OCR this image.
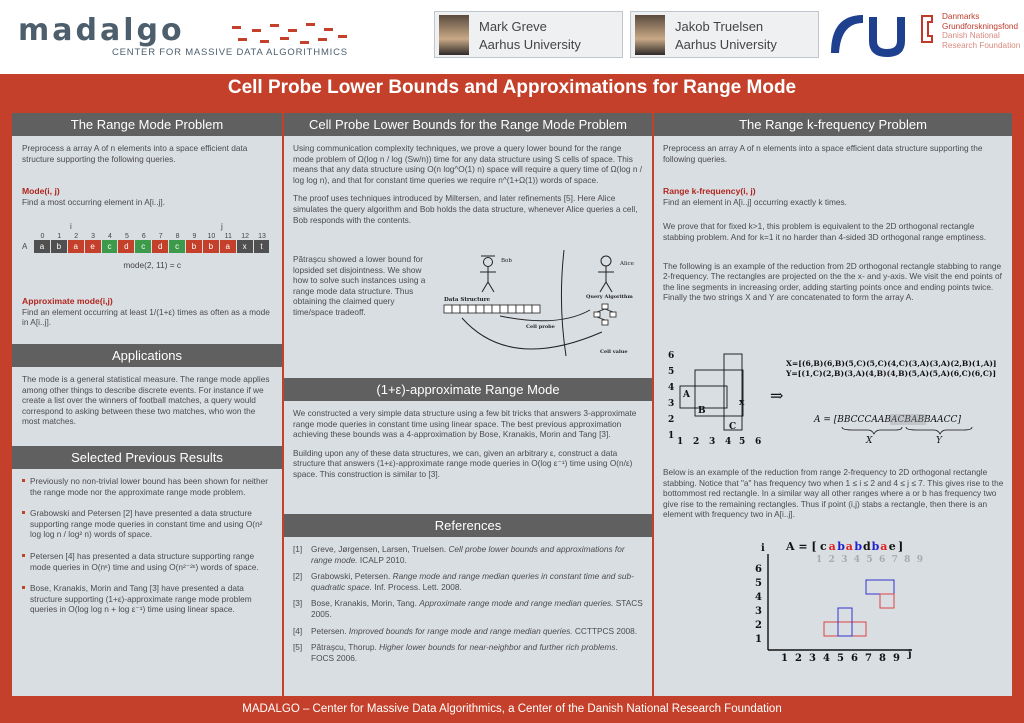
madalgo
CENTER FOR MASSIVE DATA ALGORITHMICS
Mark Greve
Aarhus University
Jakob Truelsen
Aarhus University
Danmarks
Grundforskningsfond
Danish National
Research Foundation
Cell Probe Lower Bounds and Approximations for Range Mode
The Range Mode Problem

Preprocess a array A of n elements into a space efficient data structure supporting the following queries.

Mode(i, j)

Find a most occurring element in A[i..j].

i	j
0	1	2	3	4	5	6	7	8	9	10	11	12	13
A	a	b	a	e	c	d	c	d	c	b	b	a	x	t
mode(2, 11) = c
Approximate mode(i,j)

Find an element occurring at least 1/(1+ε) times as often as a mode in A[i..j].

Applications
The mode is a general statistical measure. The range mode applies among other things to describe discrete events. For instance if we create a list over the winners of football matches, a query would correspond to asking between these two matches, who won the most matches.
Selected Previous Results
Previously no non-trivial lower bound has been shown for neither the range mode nor the approximate range mode problem.
Grabowski and Petersen [2] have presented a data structure supporting range mode queries in constant time and using O(n² log log n / log² n) words of space.
Petersen [4] has presented a data structure supporting range mode queries in O(nᵋ) time and using O(n²⁻²ᵋ) words of space.
Bose, Kranakis, Morin and Tang [3] have presented a data structure supporting (1+ε)-approximate range mode problem queries in O(log log n + log ε⁻¹) time using linear space.
Cell Probe Lower Bounds for the Range Mode Problem

Using communication complexity techniques, we prove a query lower bound for the range mode problem of Ω(log n / log (Sw/n)) time for any data structure using S cells of space. This means that any data structure using O(n log^O(1) n) space will require a query time of Ω(log n / log log n), and that for constant time queries we require n^(1+Ω(1)) words of space.

The proof uses techniques introduced by Miltersen, and later refinements [5]. Here Alice simulates the query algorithm and Bob holds the data structure, whenever Alice queries a cell, Bob responds with the contents.

Pătraşcu showed a lower bound for lopsided set disjointness. We show how to solve such instances using a range mode data structure. Thus obtaining the claimed query time/space tradeoff.
Bob	Alice
Data Structure	Query Algorithm
Cell probe
Cell value
(1+ε)-approximate Range Mode

We constructed a very simple data structure using a few bit tricks that answers 3-approximate range mode queries in constant time using linear space. The best previous approximation achieving these bounds was a 4-approximation by Bose, Kranakis, Morin and Tang [3].

Building upon any of these data structures, we can, given an arbitrary ε, construct a data structure that answers (1+ε)-approximate range mode queries in O(log ε⁻¹) time using O(n/ε) space. This construction is similar to [3].

References
[1] Greve, Jørgensen, Larsen, Truelsen. Cell probe lower bounds and approximations for range mode. ICALP 2010.
[2] Grabowski, Petersen. Range mode and range median queries in constant time and sub-quadratic space. Inf. Process. Lett. 2008.
[3] Bose, Kranakis, Morin, Tang. Approximate range mode and range median queries. STACS 2005.
[4] Petersen. Improved bounds for range mode and range median queries. CCTTPCS 2008.
[5] Pătraşcu, Thorup. Higher lower bounds for near-neighbor and further rich problems. FOCS 2006.
The Range k-frequency Problem

Preprocess an array A of n elements into a space efficient data structure supporting the following queries.

Range k-frequency(i, j)

Find an element in A[i..j] occurring exactly k times.

We prove that for fixed k>1, this problem is equivalent to the 2D orthogonal rectangle stabbing problem. And for k=1 it no harder than 4-sided 3D orthogonal range emptiness.

The following is an example of the reduction from 2D orthogonal rectangle stabbing to range 2-frequency. The rectangles are projected on the the x- and y-axis. We visit the end points of the line segments in increasing order, adding starting points once and ending points twice. Finally the two strings X and Y are concatenated to form the array A.

6
5
4
3
2
1
1 2 3 4 5 6
A
B
C
x ⇒
X=[(6,B)(6,B)(5,C)(5,C)(4,C)(3,A)(3,A)(2,B)(1,A)]
Y=[(1,C)(2,B)(3,A)(4,B)(4,B)(5,A)(5,A)(6,C)(6,C)]
A = [BBCCCAABACBABBAACC]
X	Y
Below is an example of the reduction from range 2-frequency to 2D orthogonal rectangle stabbing. Notice that "a" has frequency two when 1 ≤ i ≤ 2 and 4 ≤ j ≤ 7. This gives rise to the bottommost red rectangle. In a similar way all other ranges where a or b has frequency two give rise to the remaining rectangles. Thus if point (i,j) stabs a rectangle, then there is an element with frequency two in A[i..j].
i A = [ c a b a b d b a e ]
1 2 3 4 5 6 7 8 9
6
5
4
3
2
1
1 2 3 4 5 6 7 8 9 j
MADALGO – Center for Massive Data Algorithmics, a Center of the Danish National Research Foundation
